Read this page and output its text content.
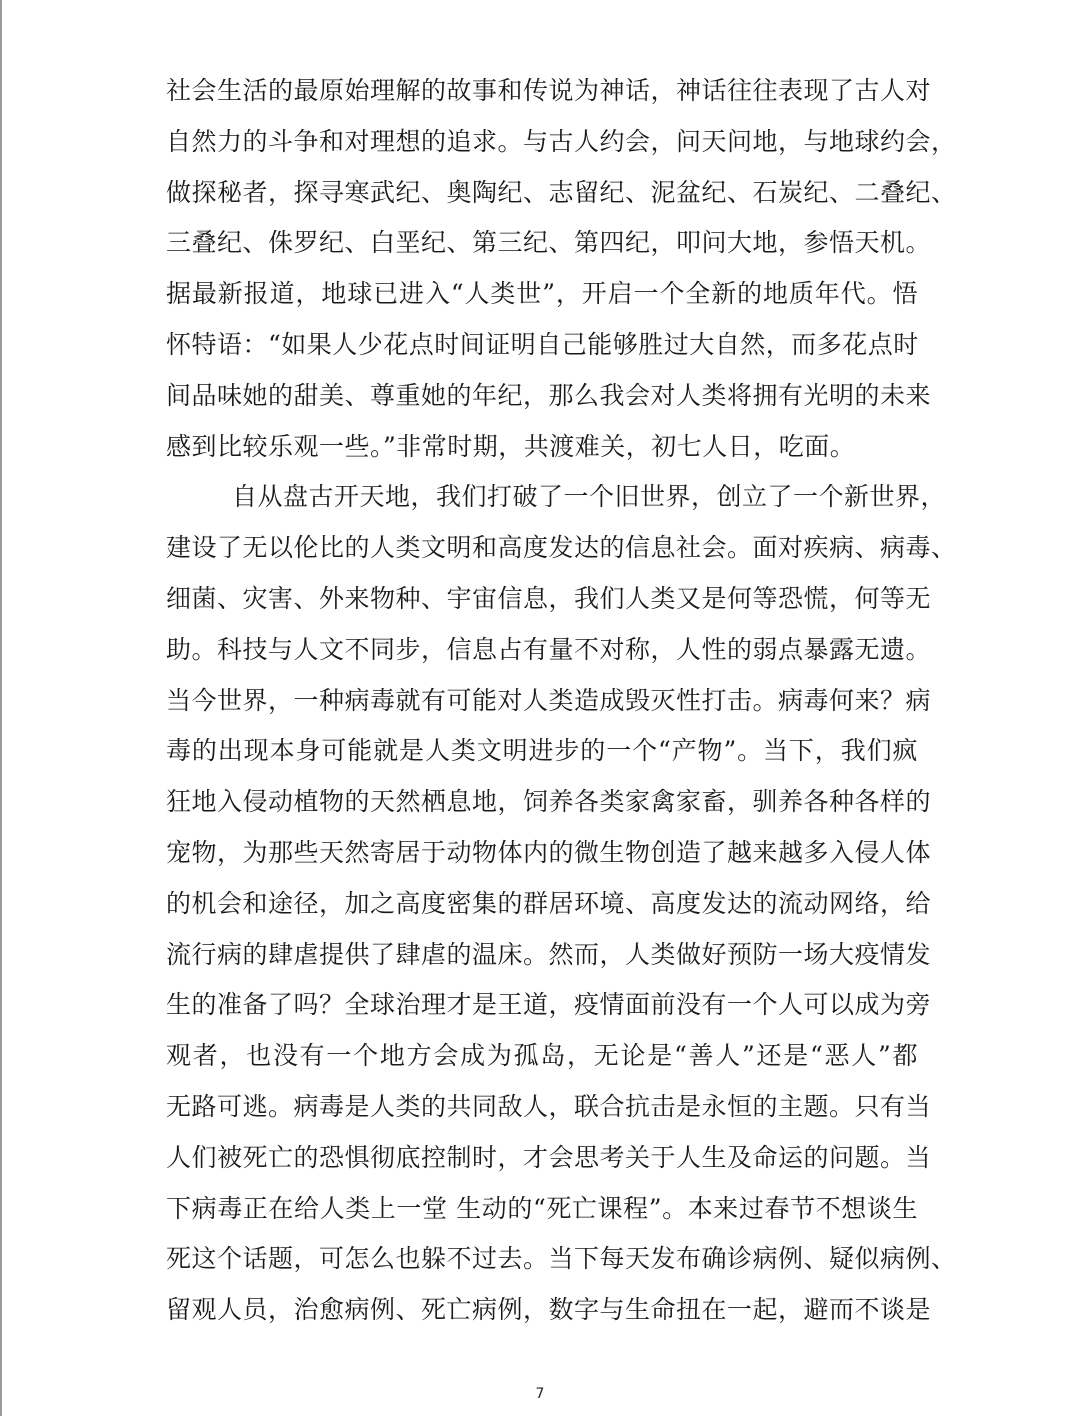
社会生活的最原始理解的故事和传说为神话，神话往往表现了古人对
自然力的斗争和对理想的追求。与古人约会，问天问地，与地球约会，
做探秘者，探寻寒武纪、奥陶纪、志留纪、泥盆纪、石炭纪、二叠纪、
三叠纪、侏罗纪、白垩纪、第三纪、第四纪，叩问大地，参悟天机。
据最新报道，地球已进入“人类世”，开启一个全新的地质年代。悟
怀特语：“如果人少花点时间证明自己能够胜过大自然，而多花点时
间品味她的甜美、尊重她的年纪，那么我会对人类将拥有光明的未来
感到比较乐观一些。”非常时期，共渡难关，初七人日，吃面。
自从盘古开天地，我们打破了一个旧世界，创立了一个新世界，
建设了无以伦比的人类文明和高度发达的信息社会。面对疾病、病毒、
细菌、灾害、外来物种、宇宙信息，我们人类又是何等恐慌，何等无
助。科技与人文不同步，信息占有量不对称，人性的弱点暴露无遗。
当今世界，一种病毒就有可能对人类造成毁灭性打击。病毒何来？病
毒的出现本身可能就是人类文明进步的一个“产物”。当下，我们疯
狂地入侵动植物的天然栖息地，饲养各类家禽家畜，驯养各种各样的
宠物，为那些天然寄居于动物体内的微生物创造了越来越多入侵人体
的机会和途径，加之高度密集的群居环境、高度发达的流动网络，给
流行病的肆虐提供了肆虐的温床。然而，人类做好预防一场大疫情发
生的准备了吗？全球治理才是王道，疫情面前没有一个人可以成为旁
观者，也没有一个地方会成为孤岛，无论是“善人”还是“恶人”都
无路可逃。病毒是人类的共同敌人，联合抗击是永恒的主题。只有当
人们被死亡的恐惧彻底控制时，才会思考关于人生及命运的问题。当
下病毒正在给人类上一堂 生动的“死亡课程”。本来过春节不想谈生
死这个话题，可怎么也躲不过去。当下每天发布确诊病例、疑似病例、
留观人员，治愈病例、死亡病例，数字与生命扭在一起，避而不谈是
7
